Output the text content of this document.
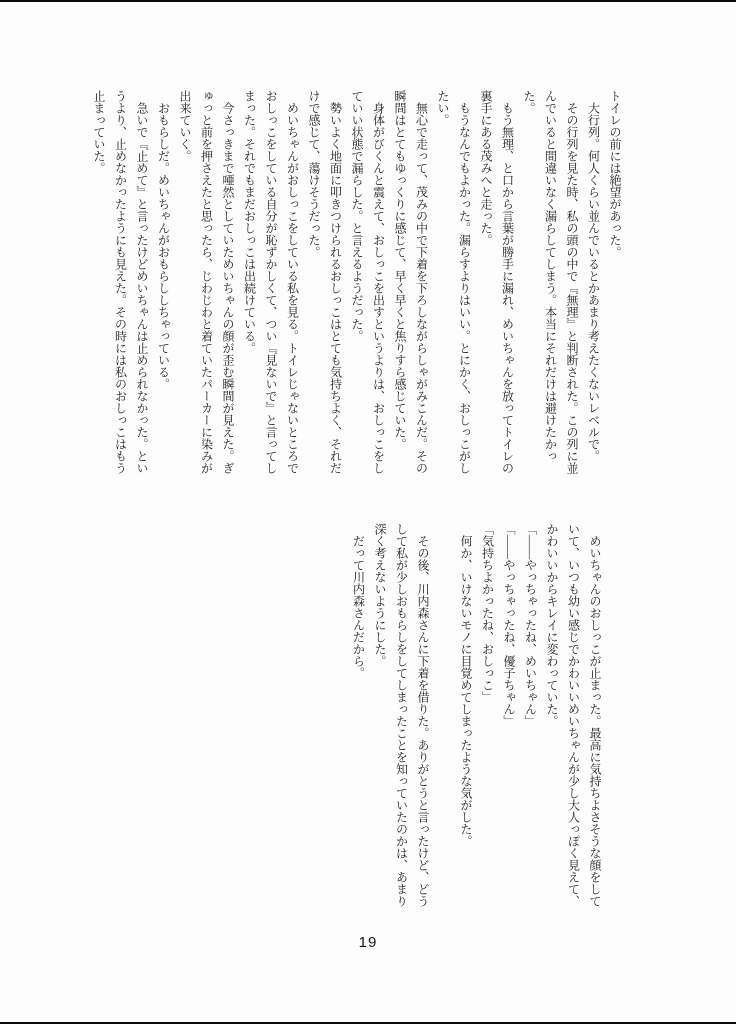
トイレの前には絶望があった。

大行列。何人くらい並んでいるとかあまり考えたくないレベルで。

その行列を見た時、私の頭の中で『無理』と判断された。この列に並んでいると間違いなく漏らしてしまう。本当にそれだけは避けたかった。

もう無理、と口から言葉が勝手に漏れ、めいちゃんを放ってトイレの裏手にある茂みへと走った。

もうなんでもよかった。漏らすよりはいい。とにかく、おしっこがしたい。

無心で走って、茂みの中で下着を下ろしながらしゃがみこんだ。その瞬間はとてもゆっくりに感じて、早く早くと焦りすら感じていた。

身体がびくんと震えて、おしっこを出すというよりは、おしっこをしていい状態で漏らした。と言えるようだった。

勢いよく地面に叩きつけられるおしっこはとても気持ちよく、それだけで感じて、蕩けそうだった。

めいちゃんがおしっこをしている私を見る。トイレじゃないところでおしっこをしている自分が恥ずかしくて、つい『見ないで』と言ってしまった。それでもまだおしっこは出続けている。

今さっきまで唖然としていためいちゃんの顔が歪む瞬間が見えた。ぎゅっと前を押さえたと思ったら、じわじわと着ていたパーカーに染みが出来ていく。

おもらしだ。めいちゃんがおもらししちゃっている。

急いで『止めて』と言ったけどめいちゃんは止められなかった。というより、止めなかったようにも見えた。その時には私のおしっこはもう止まっていた。

めいちゃんのおしっこが止まった。最高に気持ちよさそうな顔をしていて、いつも幼い感じでかわいいめいちゃんが少し大人っぽく見えて、かわいいからキレイに変わっていた。

「――やっちゃったね、めいちゃん」

「――やっちゃったね、優子ちゃん」

「気持ちよかったね、おしっこ」

何か、いけないモノに目覚めてしまったような気がした。

その後、川内森さんに下着を借りた。ありがとうと言ったけど、どうして私が少しおもらしをしてしまったことを知っていたのかは、あまり深く考えないようにした。

だって川内森さんだから。

19
